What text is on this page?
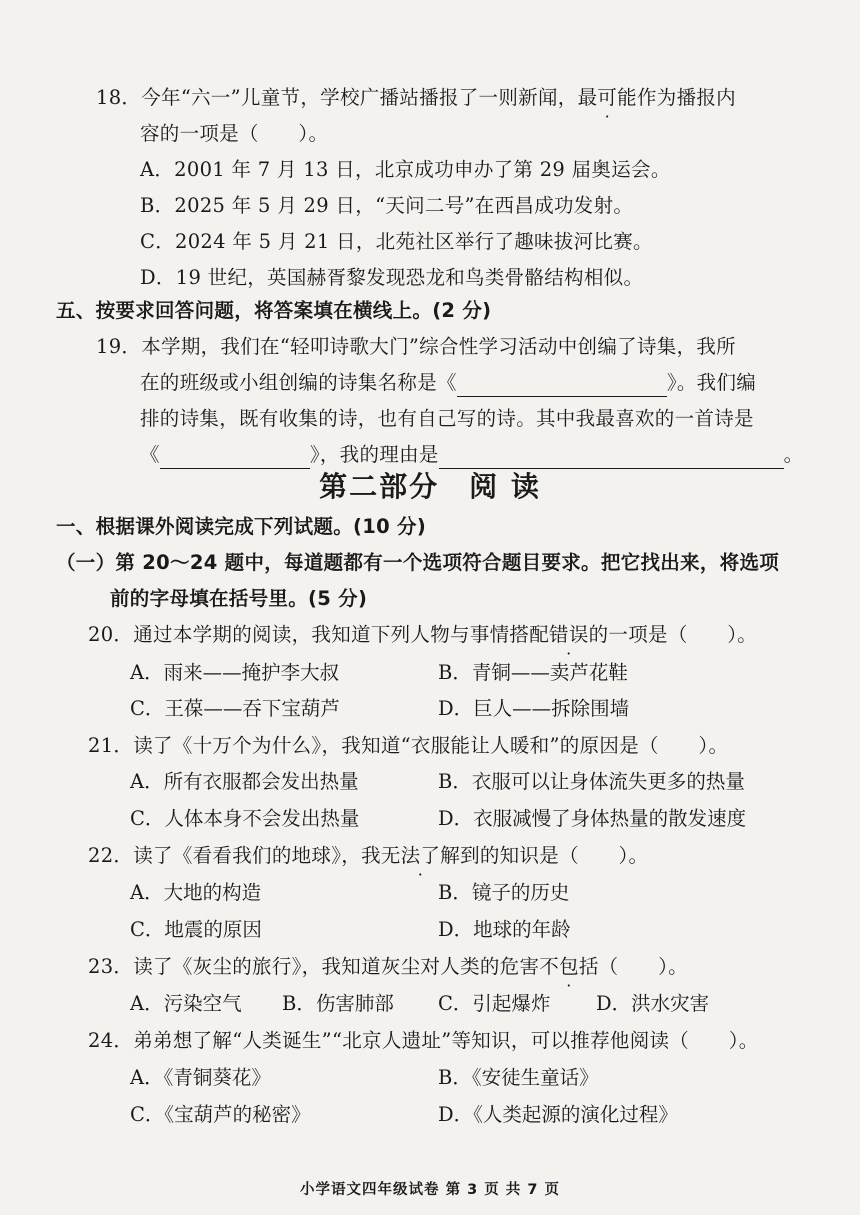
18．今年“六一”儿童节，学校广播站播报了一则新闻，最可能作为播报内
容的一项是（　　）。
A．2001 年 7 月 13 日，北京成功申办了第 29 届奥运会。
B．2025 年 5 月 29 日，“天问二号”在西昌成功发射。
C．2024 年 5 月 21 日，北苑社区举行了趣味拔河比赛。
D．19 世纪，英国赫胥黎发现恐龙和鸟类骨骼结构相似。
五、按要求回答问题，将答案填在横线上。(2 分)
19．本学期，我们在“轻叩诗歌大门”综合性学习活动中创编了诗集，我所
在的班级或小组创编的诗集名称是《	》。我们编
排的诗集，既有收集的诗，也有自己写的诗。其中我最喜欢的一首诗是
《	》，我的理由是	。
第二部分　阅 读
一、根据课外阅读完成下列试题。(10 分)
（一）第 20～24 题中，每道题都有一个选项符合题目要求。把它找出来，将选项
前的字母填在括号里。(5 分)
20．通过本学期的阅读，我知道下列人物与事情搭配错误的一项是（　　）。
A．雨来——掩护李大叔	B．青铜——卖芦花鞋
C．王葆——吞下宝葫芦	D．巨人——拆除围墙
21．读了《十万个为什么》，我知道“衣服能让人暖和”的原因是（　　）。
A．所有衣服都会发出热量	B．衣服可以让身体流失更多的热量
C．人体本身不会发出热量	D．衣服减慢了身体热量的散发速度
22．读了《看看我们的地球》，我无法了解到的知识是（　　）。
A．大地的构造	B．镜子的历史
C．地震的原因	D．地球的年龄
23．读了《灰尘的旅行》，我知道灰尘对人类的危害不包括（　　）。
A．污染空气 B．伤害肺部 C．引起爆炸 D．洪水灾害
24．弟弟想了解“人类诞生”“北京人遗址”等知识，可以推荐他阅读（　　）。
A．《青铜葵花》	B．《安徒生童话》
C．《宝葫芦的秘密》	D．《人类起源的演化过程》
小学语文四年级试卷 第 3 页 共 7 页
